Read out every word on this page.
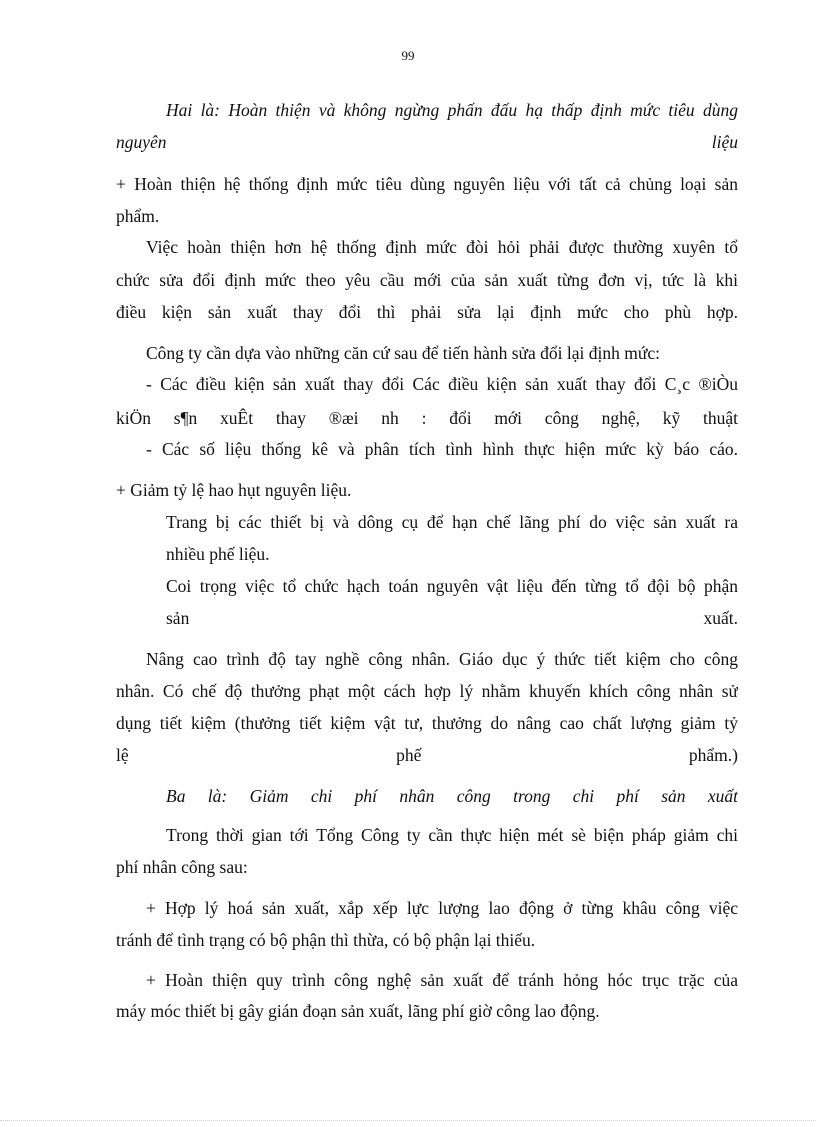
99
Hai là: Hoàn thiện và không ngừng phấn đấu hạ thấp định mức tiêu dùng
nguyên liệu
+ Hoàn thiện hệ thống định mức tiêu dùng nguyên liệu với tất cả chủng loại sản
phẩm.
Việc hoàn thiện hơn hệ thống định mức đòi hỏi phải được thường xuyên tổ
chức sửa đổi định mức theo yêu cầu mới của sản xuất từng đơn vị, tức là khi
điều kiện sản xuất thay đổi thì phải sửa lại định mức cho phù hợp.
Công ty cần dựa vào những căn cứ sau để tiến hành sửa đổi lại định mức:
- Các điều kiện sản xuất thay đổi Các điều kiện sản xuất thay đổi C¸c ®iÒu
kiÖn s¶n xuÊt thay ®æi nh : đổi mới công nghệ, kỹ thuật
- Các số liệu thống kê và phân tích tình hình thực hiện mức kỳ báo cáo.
+ Giảm tỷ lệ hao hụt nguyên liệu.
Trang bị các thiết bị và dông cụ để hạn chế lãng phí do việc sản xuất ra
nhiều phế liệu.
Coi trọng việc tổ chức hạch toán nguyên vật liệu đến từng tổ đội bộ phận
sản xuất.
Nâng cao trình độ tay nghề công nhân. Giáo dục ý thức tiết kiệm cho công
nhân. Có chế độ thưởng phạt một cách hợp lý nhằm khuyến khích công nhân sử
dụng tiết kiệm (thưởng tiết kiệm vật tư, thưởng do nâng cao chất lượng giảm tỷ
lệ phế phẩm.)
Ba là: Giảm chi phí nhân công trong chi phí sản xuất
Trong thời gian tới Tổng Công ty cần thực hiện mét sè biện pháp giảm chi
phí nhân công sau:
+ Hợp lý hoá sản xuất, xắp xếp lực lượng lao động ở từng khâu công việc
tránh để tình trạng có bộ phận thì thừa, có bộ phận lại thiếu.
+ Hoàn thiện quy trình công nghệ sản xuất để tránh hỏng hóc trục trặc của
máy móc thiết bị gây gián đoạn sản xuất, lãng phí giờ công lao động.
